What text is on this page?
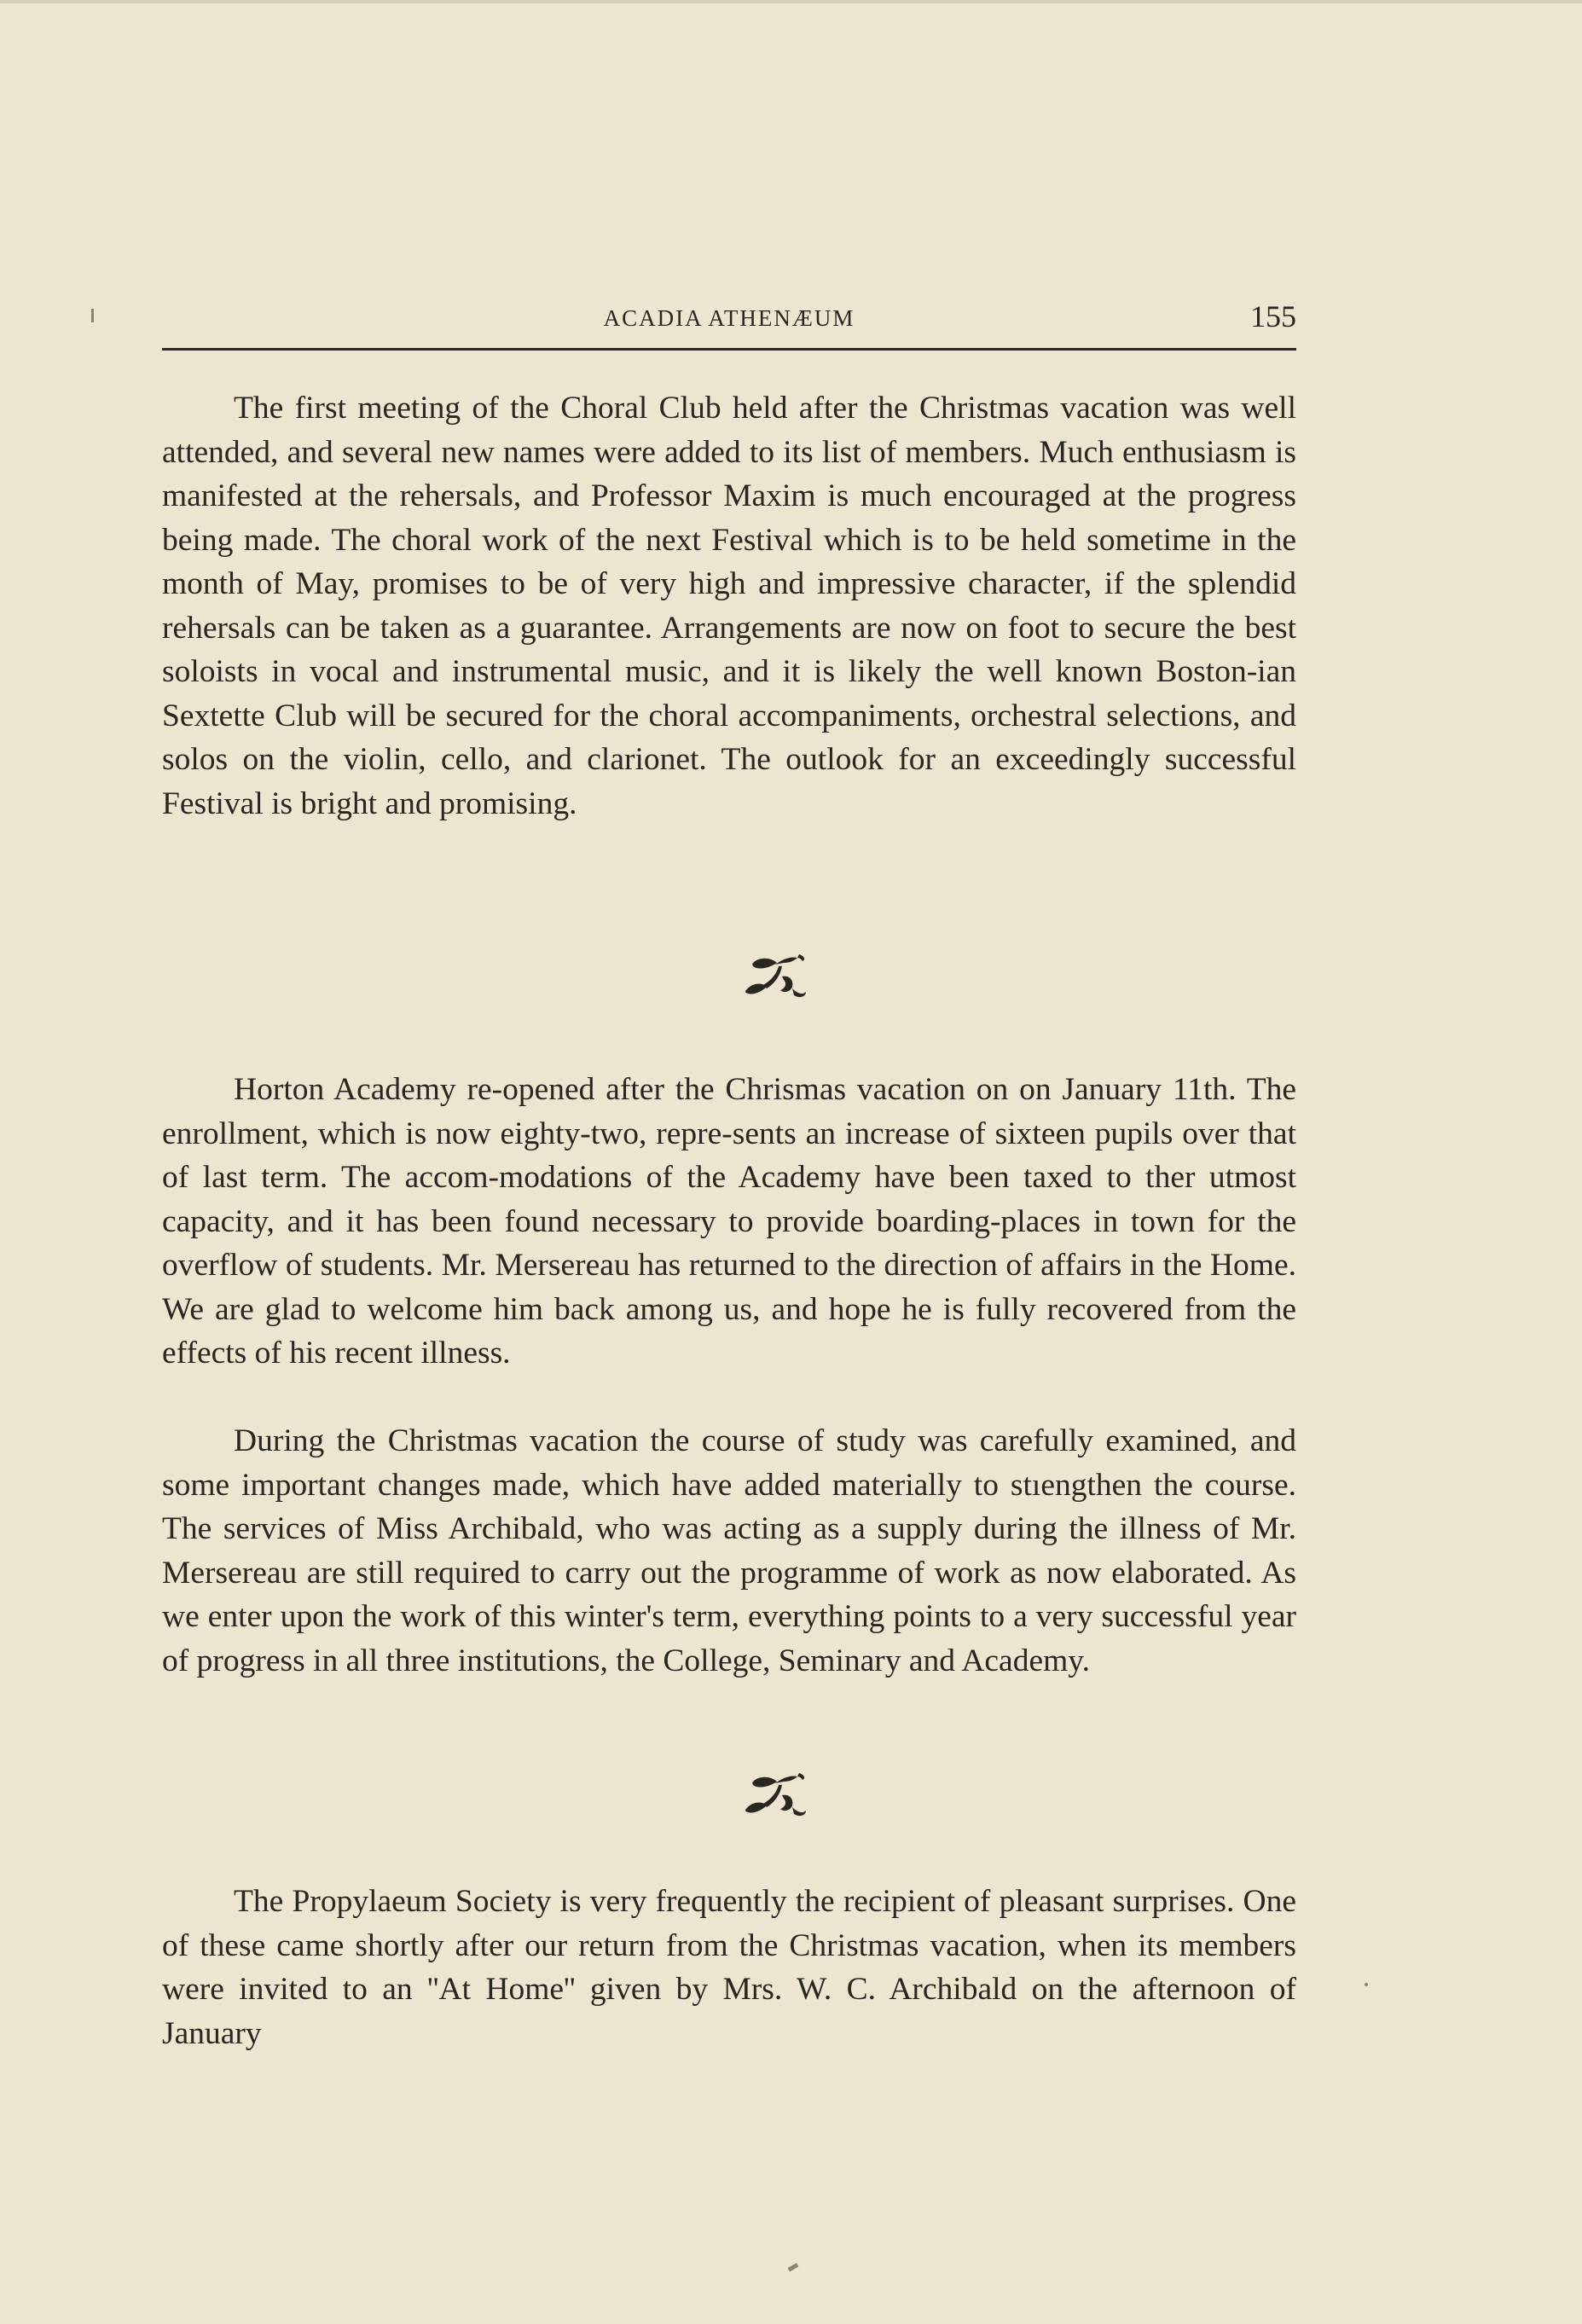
ACADIA ATHENÆUM	155

The first meeting of the Choral Club held after the Christmas vacation was well attended, and several new names were added to its list of members. Much enthusiasm is manifested at the rehersals, and Professor Maxim is much encouraged at the progress being made. The choral work of the next Festival which is to be held sometime in the month of May, promises to be of very high and impressive character, if the splendid rehersals can be taken as a guarantee. Arrangements are now on foot to secure the best soloists in vocal and instrumental music, and it is likely the well known Boston-ian Sextette Club will be secured for the choral accompaniments, orchestral selections, and solos on the violin, cello, and clarionet. The outlook for an exceedingly successful Festival is bright and promising.

Horton Academy re-opened after the Chrismas vacation on on January 11th. The enrollment, which is now eighty-two, repre-sents an increase of sixteen pupils over that of last term. The accom-modations of the Academy have been taxed to ther utmost capacity, and it has been found necessary to provide boarding-places in town for the overflow of students. Mr. Mersereau has returned to the direction of affairs in the Home. We are glad to welcome him back among us, and hope he is fully recovered from the effects of his recent illness.

During the Christmas vacation the course of study was carefully examined, and some important changes made, which have added materially to stıengthen the course. The services of Miss Archibald, who was acting as a supply during the illness of Mr. Mersereau are still required to carry out the programme of work as now elaborated. As we enter upon the work of this winter's term, everything points to a very successful year of progress in all three institutions, the College, Seminary and Academy.

The Propylaeum Society is very frequently the recipient of pleasant surprises. One of these came shortly after our return from the Christmas vacation, when its members were invited to an ''At Home'' given by Mrs. W. C. Archibald on the afternoon of January
